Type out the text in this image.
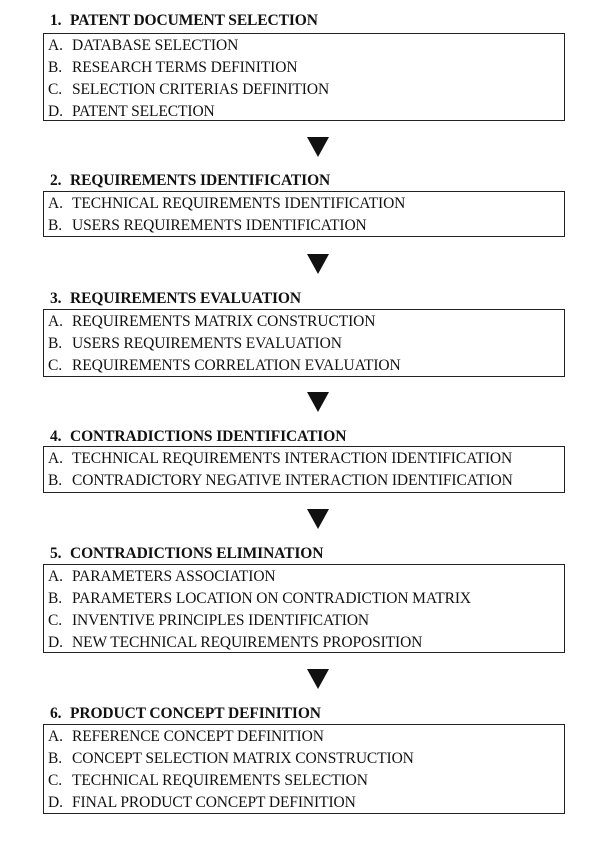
1. PATENT DOCUMENT SELECTION
A. DATABASE SELECTION
B. RESEARCH TERMS DEFINITION
C. SELECTION CRITERIAS DEFINITION
D. PATENT SELECTION
2. REQUIREMENTS IDENTIFICATION
A. TECHNICAL REQUIREMENTS IDENTIFICATION
B. USERS REQUIREMENTS IDENTIFICATION
3. REQUIREMENTS EVALUATION
A. REQUIREMENTS MATRIX CONSTRUCTION
B. USERS REQUIREMENTS EVALUATION
C. REQUIREMENTS CORRELATION EVALUATION
4. CONTRADICTIONS IDENTIFICATION
A. TECHNICAL REQUIREMENTS INTERACTION IDENTIFICATION
B. CONTRADICTORY NEGATIVE INTERACTION IDENTIFICATION
5. CONTRADICTIONS ELIMINATION
A. PARAMETERS ASSOCIATION
B. PARAMETERS LOCATION ON CONTRADICTION MATRIX
C. INVENTIVE PRINCIPLES IDENTIFICATION
D. NEW TECHNICAL REQUIREMENTS PROPOSITION
6. PRODUCT CONCEPT DEFINITION
A. REFERENCE CONCEPT DEFINITION
B. CONCEPT SELECTION MATRIX CONSTRUCTION
C. TECHNICAL REQUIREMENTS SELECTION
D. FINAL PRODUCT CONCEPT DEFINITION
